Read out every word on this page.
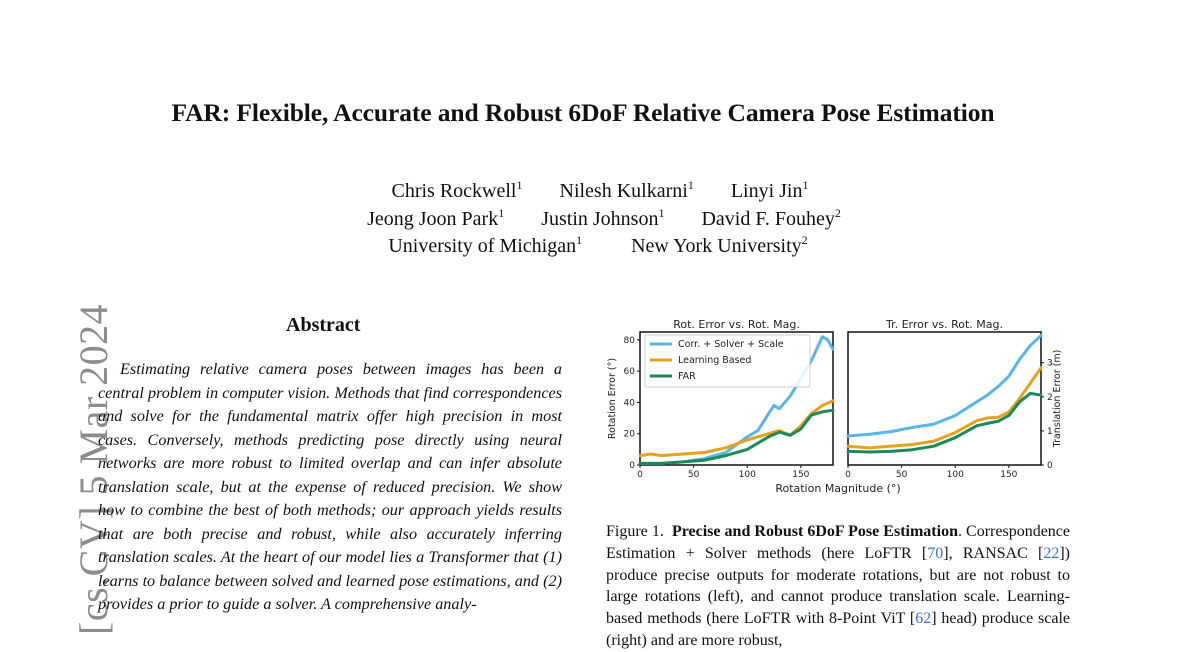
FAR: Flexible, Accurate and Robust 6DoF Relative Camera Pose Estimation
Chris Rockwell$^1$ Nilesh Kulkarni$^1$ Linyi Jin$^1$
Jeong Joon Park$^1$ Justin Johnson$^1$ David F. Fouhey$^2$
University of Michigan$^1$ New York University$^2$
[cs.CV] 5 Mar 2024	Abstract
Estimating relative camera poses between images has been a central problem in computer vision. Methods that find correspondences and solve for the fundamental matrix offer high precision in most cases. Conversely, methods predicting pose directly using neural networks are more robust to limited overlap and can infer absolute translation scale, but at the expense of reduced precision. We show how to combine the best of both methods; our approach yields results that are both precise and robust, while also accurately inferring translation scales. At the heart of our model lies a Transformer that (1) learns to balance between solved and learned pose estimations, and (2) provides a prior to guide a solver. A comprehensive analy-
Rot. Error vs. Rot. Mag.
0	50	100	150
0
20
40
60
80
Rotation Error (°)
Corr. + Solver + Scale
Learning Based
FAR
Tr. Error vs. Rot. Mag.
0	50	100	150
0
1
2
3 Translation Error (m)
Rotation Magnitude (°)
Figure 1. Precise and Robust 6DoF Pose Estimation. Correspondence Estimation + Solver methods (here LoFTR [70], RANSAC [22]) produce precise outputs for moderate rotations, but are not robust to large rotations (left), and cannot produce translation scale. Learning-based methods (here LoFTR with 8-Point ViT [62] head) produce scale (right) and are more robust,
